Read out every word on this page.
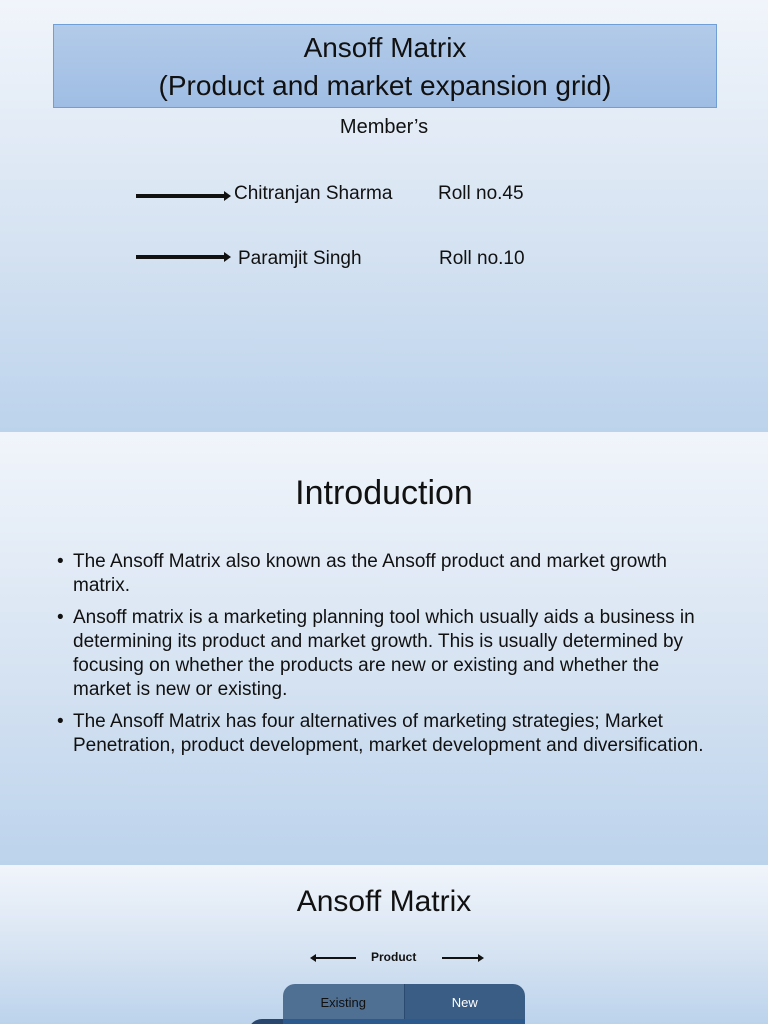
Ansoff Matrix
(Product and market expansion grid)
Member’s
Chitranjan Sharma Roll no.45
Paramjit Singh	Roll no.10
Introduction
• The Ansoff Matrix also known as the Ansoff product and market growth matrix.
• Ansoff matrix is a marketing planning tool which usually aids a business in determining its product and market growth. This is usually determined by focusing on whether the products are new or existing and whether the market is new or existing.
• The Ansoff Matrix has four alternatives of marketing strategies; Market Penetration, product development, market development and diversification.
Ansoff Matrix
Product
Existing	New
